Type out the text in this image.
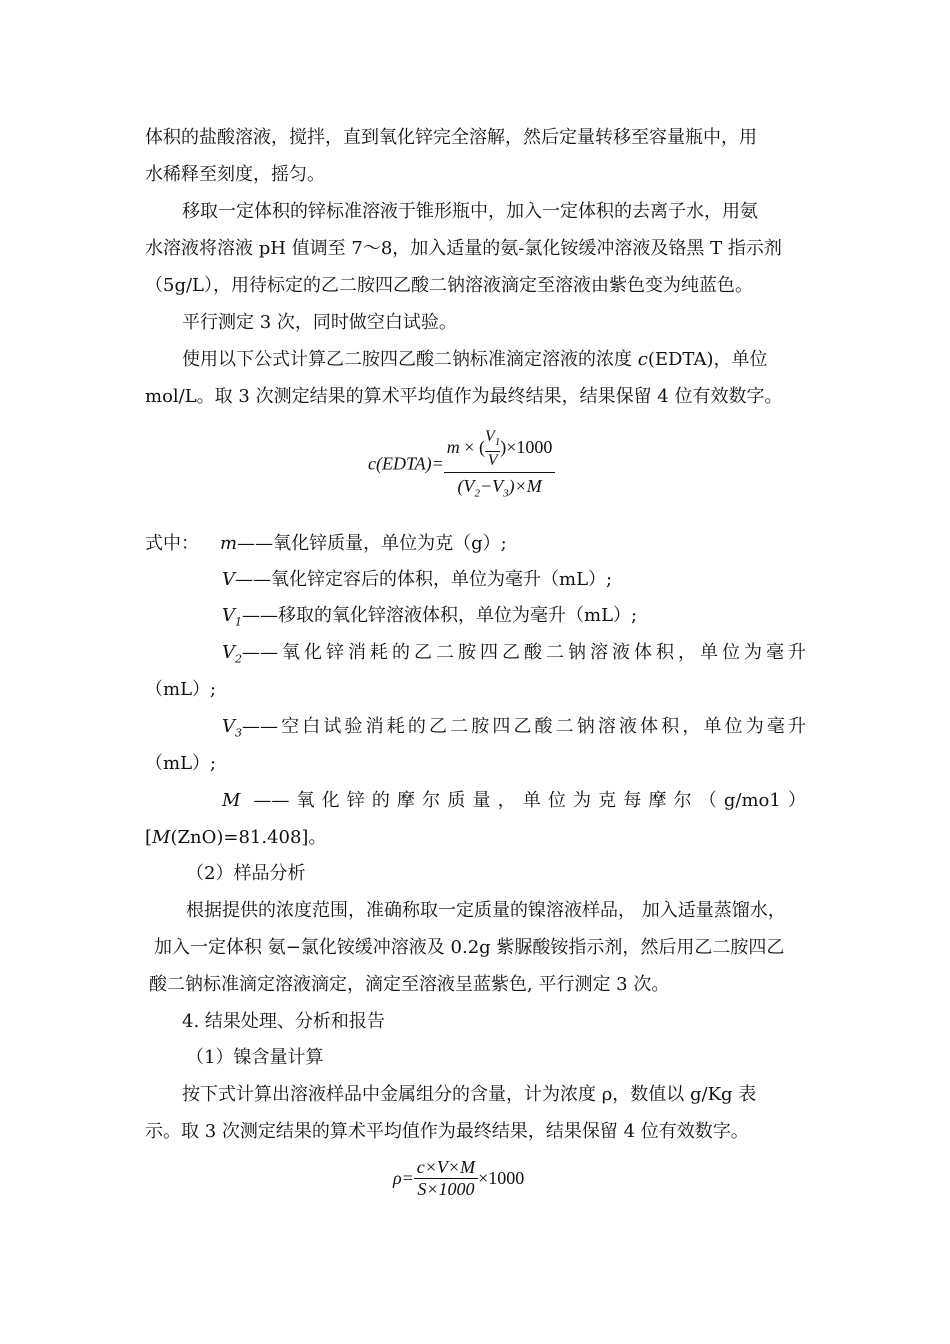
体积的盐酸溶液，搅拌，直到氧化锌完全溶解，然后定量转移至容量瓶中，用
水稀释至刻度，摇匀。
移取一定体积的锌标准溶液于锥形瓶中，加入一定体积的去离子水，用氨
水溶液将溶液 pH 值调至 7～8，加入适量的氨-氯化铵缓冲溶液及铬黑 T 指示剂
（5g/L），用待标定的乙二胺四乙酸二钠溶液滴定至溶液由紫色变为纯蓝色。
平行测定 3 次，同时做空白试验。
使用以下公式计算乙二胺四乙酸二钠标准滴定溶液的浓度 c(EDTA)，单位
mol/L。取 3 次测定结果的算术平均值作为最终结果，结果保留 4 位有效数字。
c(EDTA)= $\frac{m \times ( \frac{V_1}{V} )\times 1000}{(V_2-V_3)\times M}$
式中：	m——氧化锌质量，单位为克（g）;
V——氧化锌定容后的体积，单位为毫升（mL）;
$V_1——$移取的氧化锌溶液体积，单位为毫升（mL）;
$V_2——$氧化锌消耗的乙二胺四乙酸二钠溶液体积，单位为毫升
（mL）;
$V_3——$空白试验消耗的乙二胺四乙酸二钠溶液体积，单位为毫升
（mL）;
M ——氧化锌的摩尔质量，单位为克每摩尔（g/mo1）
[M(ZnO)=81.408]。
（2）样品分析
根据提供的浓度范围，准确称取一定质量的镍溶液样品， 加入适量蒸馏水，
加入一定体积 氨−氯化铵缓冲溶液及 0.2g 紫脲酸铵指示剂，然后用乙二胺四乙
酸二钠标准滴定溶液滴定，滴定至溶液呈蓝紫色, 平行测定 3 次。
4. 结果处理、分析和报告
（1）镍含量计算
按下式计算出溶液样品中金属组分的含量，计为浓度 ρ，数值以 g/Kg 表
示。取 3 次测定结果的算术平均值作为最终结果，结果保留 4 位有效数字。
$\rho= \frac{c\times V\times M}{S\times 1000} \times 1000$
